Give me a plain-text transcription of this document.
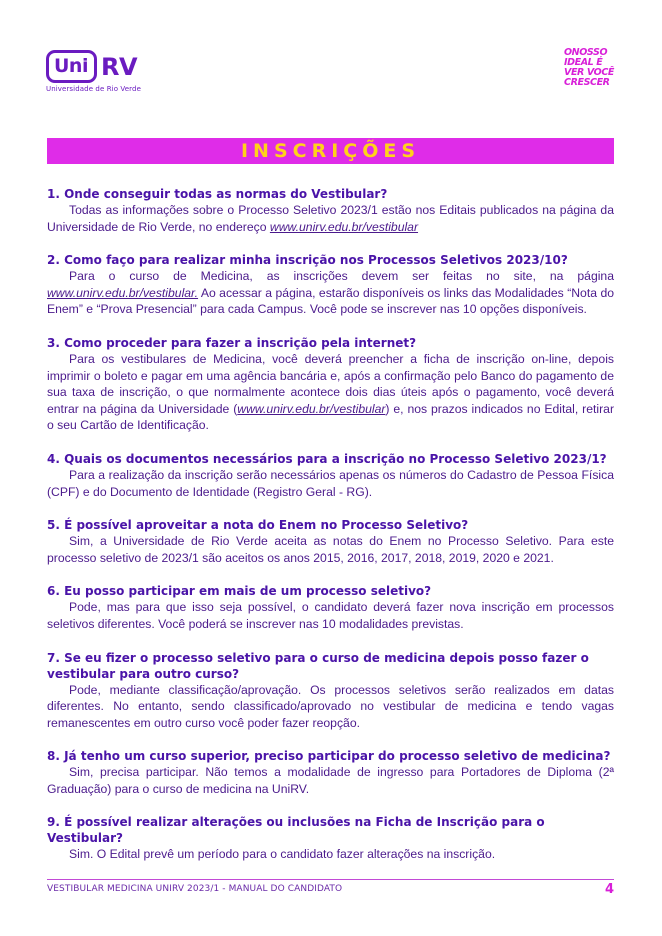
Uni RV
Universidade de Rio Verde
ONOSSO
IDEAL É
VER VOCÊ
CRESCER
INSCRIÇÕES
1. Onde conseguir todas as normas do Vestibular?
Todas as informações sobre o Processo Seletivo 2023/1 estão nos Editais publicados na página da Universidade de Rio Verde, no endereço www.unirv.edu.br/vestibular
2. Como faço para realizar minha inscrição nos Processos Seletivos 2023/10?
Para o curso de Medicina, as inscrições devem ser feitas no site, na página www.unirv.edu.br/vestibular. Ao acessar a página, estarão disponíveis os links das Modalidades “Nota do Enem” e “Prova Presencial” para cada Campus. Você pode se inscrever nas 10 opções disponíveis.
3. Como proceder para fazer a inscrição pela internet?
Para os vestibulares de Medicina, você deverá preencher a ficha de inscrição on-line, depois imprimir o boleto e pagar em uma agência bancária e, após a confirmação pelo Banco do pagamento de sua taxa de inscrição, o que normalmente acontece dois dias úteis após o pagamento, você deverá entrar na página da Universidade (www.unirv.edu.br/vestibular) e, nos prazos indicados no Edital, retirar o seu Cartão de Identificação.
4. Quais os documentos necessários para a inscrição no Processo Seletivo 2023/1?
Para a realização da inscrição serão necessários apenas os números do Cadastro de Pessoa Física (CPF) e do Documento de Identidade (Registro Geral - RG).
5. É possível aproveitar a nota do Enem no Processo Seletivo?
Sim, a Universidade de Rio Verde aceita as notas do Enem no Processo Seletivo. Para este processo seletivo de 2023/1 são aceitos os anos 2015, 2016, 2017, 2018, 2019, 2020 e 2021.
6. Eu posso participar em mais de um processo seletivo?
Pode, mas para que isso seja possível, o candidato deverá fazer nova inscrição em processos seletivos diferentes. Você poderá se inscrever nas 10 modalidades previstas.
7. Se eu fizer o processo seletivo para o curso de medicina depois posso fazer o vestibular para outro curso?
Pode, mediante classificação/aprovação. Os processos seletivos serão realizados em datas diferentes. No entanto, sendo classificado/aprovado no vestibular de medicina e tendo vagas remanescentes em outro curso você poder fazer reopção.
8. Já tenho um curso superior, preciso participar do processo seletivo de medicina?
Sim, precisa participar. Não temos a modalidade de ingresso para Portadores de Diploma (2ª Graduação) para o curso de medicina na UniRV.
9. É possível realizar alterações ou inclusões na Ficha de Inscrição para o Vestibular?
Sim. O Edital prevê um período para o candidato fazer alterações na inscrição.
VESTIBULAR MEDICINA UNIRV 2023/1 - MANUAL DO CANDIDATO	4
